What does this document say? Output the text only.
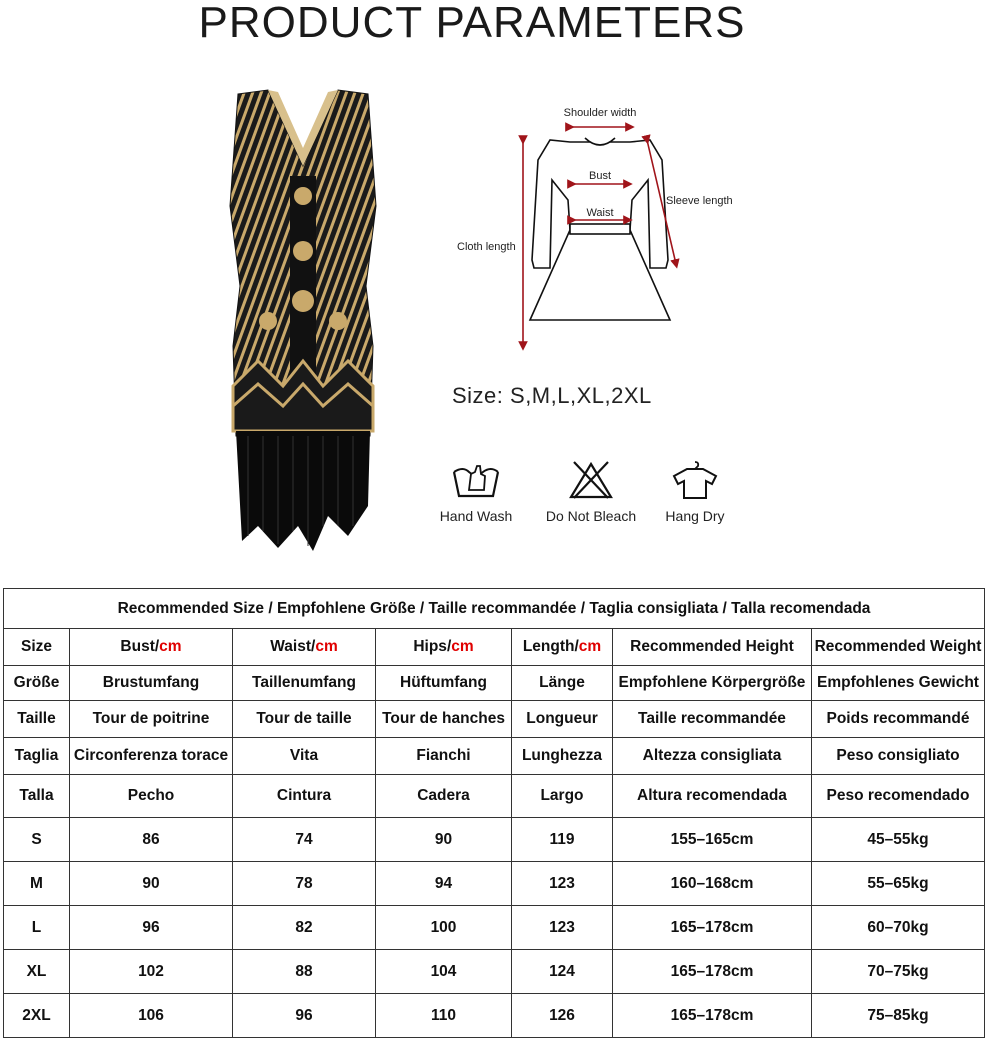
PRODUCT PARAMETERS
Shoulder width
Bust
Waist
Sleeve length
Cloth length
Size: S,M,L,XL,2XL
Hand Wash	Do Not Bleach	Hang Dry
Recommended Size / Empfohlene Größe / Taille recommandée / Taglia consigliata / Talla recomendada						
Size	Bust/cm	Waist/cm	Hips/cm	Length/cm	Recommended Height	Recommended Weight
Größe	Brustumfang	Taillenumfang	Hüftumfang	Länge	Empfohlene Körpergröße	Empfohlenes Gewicht
Taille	Tour de poitrine	Tour de taille	Tour de hanches	Longueur	Taille recommandée	Poids recommandé
Taglia	Circonferenza torace	Vita	Fianchi	Lunghezza	Altezza consigliata	Peso consigliato
Talla	Pecho	Cintura	Cadera	Largo	Altura recomendada	Peso recomendado
S	86	74	90	119	155–165cm	45–55kg
M	90	78	94	123	160–168cm	55–65kg
L	96	82	100	123	165–178cm	60–70kg
XL	102	88	104	124	165–178cm	70–75kg
2XL	106	96	110	126	165–178cm	75–85kg
